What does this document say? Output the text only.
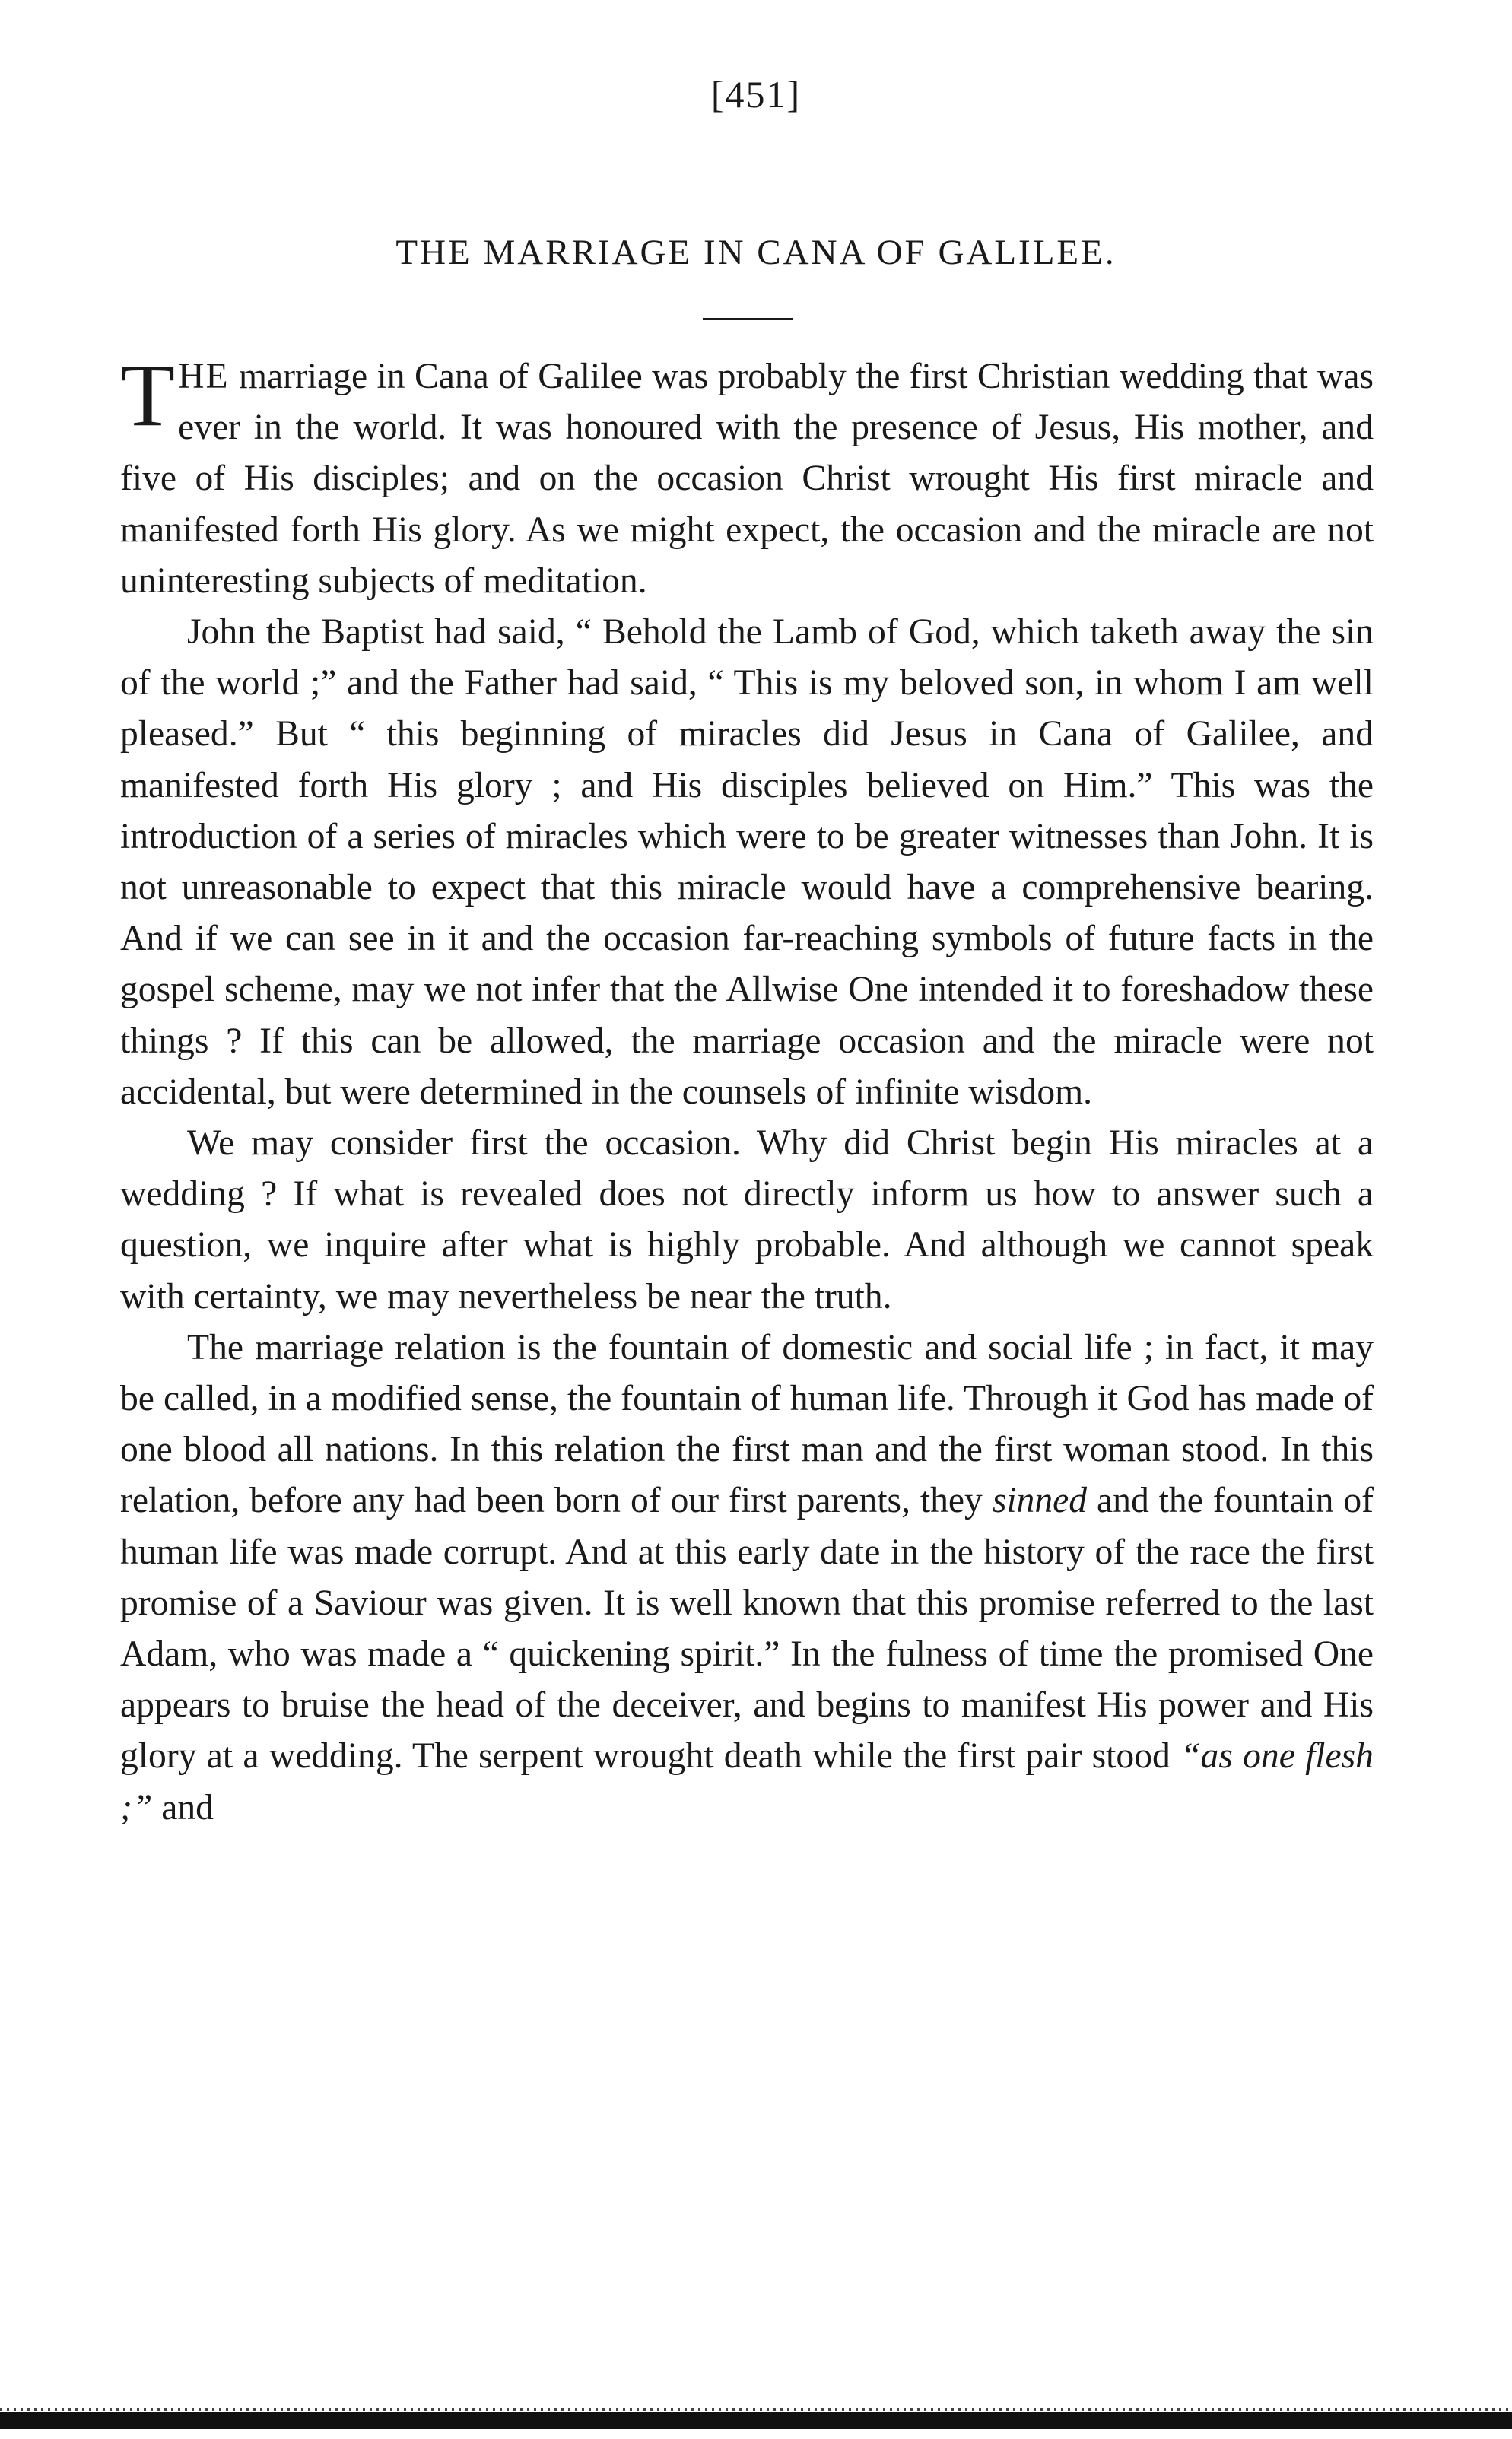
[451]
THE MARRIAGE IN CANA OF GALILEE.

THE marriage in Cana of Galilee was probably the first Christian wedding that was ever in the world. It was honoured with the presence of Jesus, His mother, and five of His disciples; and on the occasion Christ wrought His first miracle and manifested forth His glory. As we might expect, the occasion and the miracle are not uninteresting subjects of meditation.

John the Baptist had said, “ Behold the Lamb of God, which taketh away the sin of the world ;” and the Father had said, “ This is my beloved son, in whom I am well pleased.” But “ this beginning of miracles did Jesus in Cana of Galilee, and manifested forth His glory ; and His disciples believed on Him.” This was the introduction of a series of miracles which were to be greater witnesses than John. It is not unreasonable to expect that this miracle would have a comprehensive bearing. And if we can see in it and the occasion far-reaching symbols of future facts in the gospel scheme, may we not infer that the Allwise One intended it to foreshadow these things ? If this can be allowed, the marriage occasion and the miracle were not accidental, but were determined in the counsels of infinite wisdom.

We may consider first the occasion. Why did Christ begin His miracles at a wedding ? If what is revealed does not directly inform us how to answer such a question, we inquire after what is highly probable. And although we cannot speak with certainty, we may nevertheless be near the truth.

The marriage relation is the fountain of domestic and social life ; in fact, it may be called, in a modified sense, the fountain of human life. Through it God has made of one blood all nations. In this relation the first man and the first woman stood. In this relation, before any had been born of our first parents, they sinned and the fountain of human life was made corrupt. And at this early date in the history of the race the first promise of a Saviour was given. It is well known that this promise referred to the last Adam, who was made a “ quickening spirit.” In the fulness of time the promised One appears to bruise the head of the deceiver, and begins to manifest His power and His glory at a wedding. The serpent wrought death while the first pair stood “as one flesh ;” and
